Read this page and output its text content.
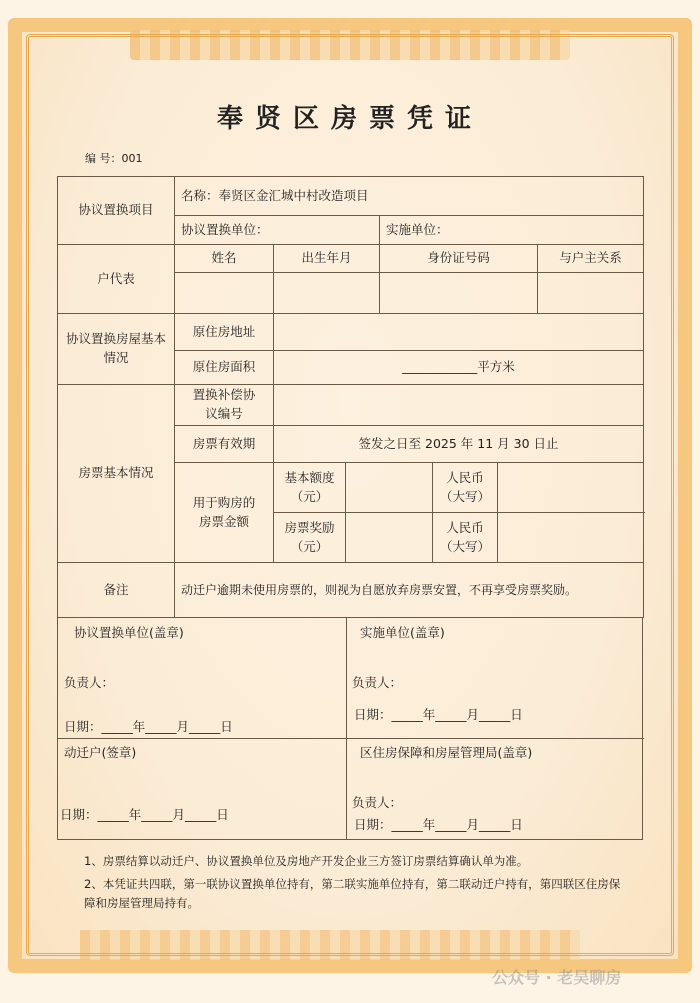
奉贤区房票凭证
编 号：001
协议置换项目	名称：奉贤区金汇城中村改造项目						
	协议置换单位：			实施单位：			
户代表	姓名	出生年月		身份证号码			与户主关系

协议置换房屋基本情况	原住房地址						
	原住房面积	____________平方米					
房票基本情况	置换补偿协议编号						
	房票有效期	签发之日至 2025 年 11 月 30 日止					
	用于购房的房票金额	基本额度（元）			人民币（大写）		
		房票奖励（元）			人民币（大写）		
备注	动迁户逾期未使用房票的，则视为自愿放弃房票安置，不再享受房票奖励。						
协议置换单位(盖章)
负责人：
日期：_____年_____月_____日
实施单位(盖章)
负责人：
日期：_____年_____月_____日
动迁户(签章)
日期：_____年_____月_____日
区住房保障和房屋管理局(盖章)
负责人：
日期：_____年_____月_____日

1、房票结算以动迁户、协议置换单位及房地产开发企业三方签订房票结算确认单为准。

2、本凭证共四联，第一联协议置换单位持有，第二联实施单位持有，第二联动迁户持有，第四联区住房保障和房屋管理局持有。

公众号 · 老吴聊房
